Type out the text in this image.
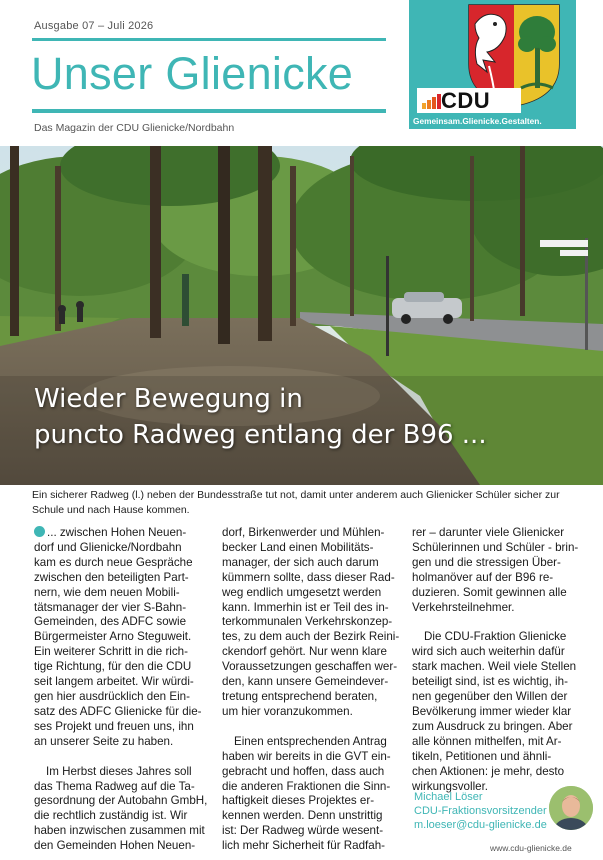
Ausgabe 07 – Juli 2026
Unser Glienicke
Das Magazin der CDU Glienicke/Nordbahn
CDU
Gemeinsam.Glienicke.Gestalten.
Wieder Bewegung in
puncto Radweg entlang der B96 ...
Ein sicherer Radweg (l.) neben der Bundesstraße tut not, damit unter anderem auch Glienicker Schüler sicher zur Schule und nach Hause kommen.

... zwischen Hohen Neuen-

dorf und Glienicke/Nordbahn

kam es durch neue Gespräche

zwischen den beteiligten Part-

nern, wie dem neuen Mobili-

tätsmanager der vier S-Bahn-

Gemeinden, des ADFC sowie

Bürgermeister Arno Steguweit.

Ein weiterer Schritt in die rich-

tige Richtung, für den die CDU

seit langem arbeitet. Wir würdi-

gen hier ausdrücklich den Ein-

satz des ADFC Glienicke für die-

ses Projekt und freuen uns, ihn

an unserer Seite zu haben.

Im Herbst dieses Jahres soll

das Thema Radweg auf die Ta-

gesordnung der Autobahn GmbH,

die rechtlich zuständig ist. Wir

haben inzwischen zusammen mit

den Gemeinden Hohen Neuen-

dorf, Birkenwerder und Mühlen-

becker Land einen Mobilitäts-

manager, der sich auch darum

kümmern sollte, dass dieser Rad-

weg endlich umgesetzt werden

kann. Immerhin ist er Teil des in-

terkommunalen Verkehrskonzep-

tes, zu dem auch der Bezirk Reini-

ckendorf gehört. Nur wenn klare

Voraussetzungen geschaffen wer-

den, kann unsere Gemeindever-

tretung entsprechend beraten,

um hier voranzukommen.

Einen entsprechenden Antrag

haben wir bereits in die GVT ein-

gebracht und hoffen, dass auch

die anderen Fraktionen die Sinn-

haftigkeit dieses Projektes er-

kennen werden. Denn unstrittig

ist: Der Radweg würde wesent-

lich mehr Sicherheit für Radfah-

rer – darunter viele Glienicker

Schülerinnen und Schüler - brin-

gen und die stressigen Über-

holmanöver auf der B96 re-

duzieren. Somit gewinnen alle

Verkehrsteilnehmer.

Die CDU-Fraktion Glienicke

wird sich auch weiterhin dafür

stark machen. Weil viele Stellen

beteiligt sind, ist es wichtig, ih-

nen gegenüber den Willen der

Bevölkerung immer wieder klar

zum Ausdruck zu bringen. Aber

alle können mithelfen, mit Ar-

tikeln, Petitionen und ähnli-

chen Aktionen: je mehr, desto

wirkungsvoller.

Michael Löser
CDU-Fraktionsvorsitzender
m.loeser@cdu-glienicke.de
www.cdu-glienicke.de
